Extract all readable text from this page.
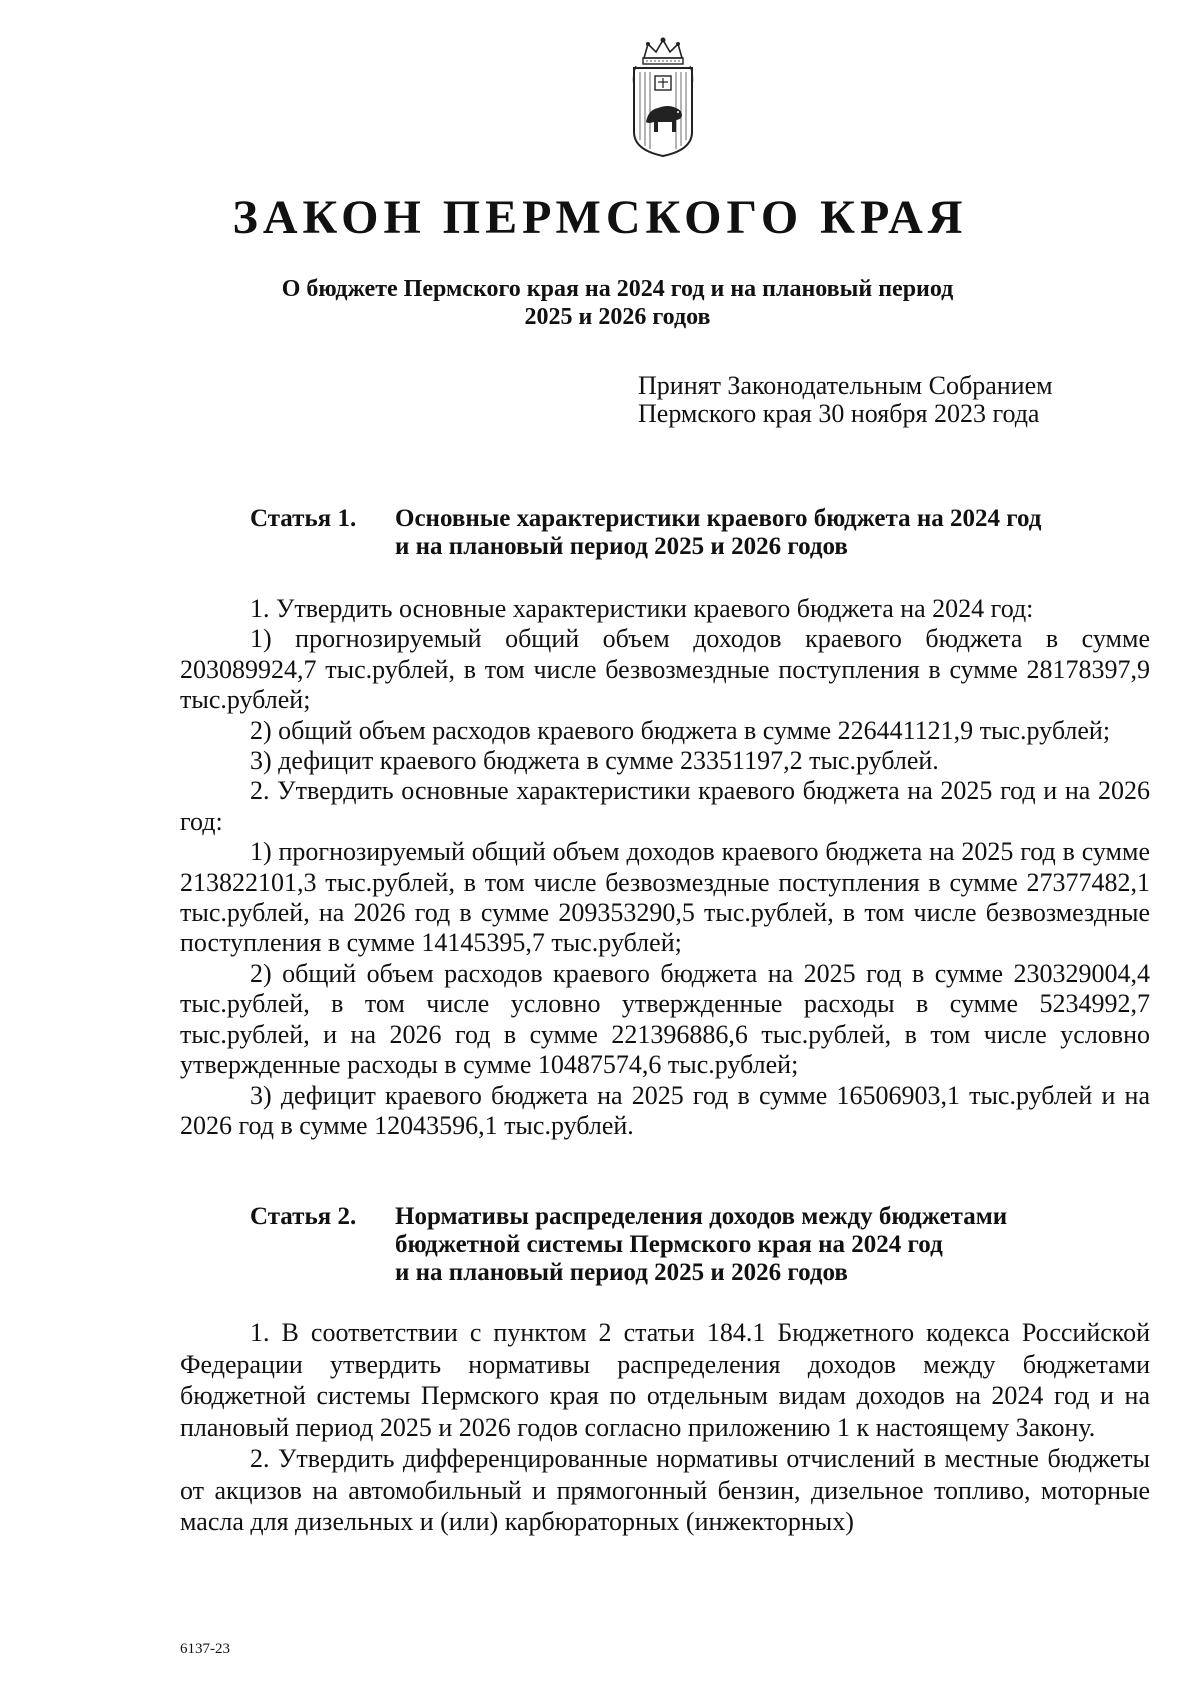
ЗАКОН ПЕРМСКОГО КРАЯ
О бюджете Пермского края на 2024 год и на плановый период
2025 и 2026 годов
Принят Законодательным Собранием
Пермского края 30 ноября 2023 года
Статья 1. Основные характеристики краевого бюджета на 2024 год
и на плановый период 2025 и 2026 годов

1. Утвердить основные характеристики краевого бюджета на 2024 год:

1) прогнозируемый общий объем доходов краевого бюджета в сумме 203089924,7 тыс.рублей, в том числе безвозмездные поступления в сумме 28178397,9 тыс.рублей;

2) общий объем расходов краевого бюджета в сумме 226441121,9 тыс.рублей;

3) дефицит краевого бюджета в сумме 23351197,2 тыс.рублей.

2. Утвердить основные характеристики краевого бюджета на 2025 год и на 2026 год:

1) прогнозируемый общий объем доходов краевого бюджета на 2025 год в сумме 213822101,3 тыс.рублей, в том числе безвозмездные поступления в сумме 27377482,1 тыс.рублей, на 2026 год в сумме 209353290,5 тыс.рублей, в том числе безвозмездные поступления в сумме 14145395,7 тыс.рублей;

2) общий объем расходов краевого бюджета на 2025 год в сумме 230329004,4 тыс.рублей, в том числе условно утвержденные расходы в сумме 5234992,7 тыс.рублей, и на 2026 год в сумме 221396886,6 тыс.рублей, в том числе условно утвержденные расходы в сумме 10487574,6 тыс.рублей;

3) дефицит краевого бюджета на 2025 год в сумме 16506903,1 тыс.рублей и на 2026 год в сумме 12043596,1 тыс.рублей.

Статья 2. Нормативы распределения доходов между бюджетами
бюджетной системы Пермского края на 2024 год
и на плановый период 2025 и 2026 годов

1. В соответствии с пунктом 2 статьи 184.1 Бюджетного кодекса Российской Федерации утвердить нормативы распределения доходов между бюджетами бюджетной системы Пермского края по отдельным видам доходов на 2024 год и на плановый период 2025 и 2026 годов согласно приложению 1 к настоящему Закону.

2. Утвердить дифференцированные нормативы отчислений в местные бюджеты от акцизов на автомобильный и прямогонный бензин, дизельное топливо, моторные масла для дизельных и (или) карбюраторных (инжекторных)

6137-23
